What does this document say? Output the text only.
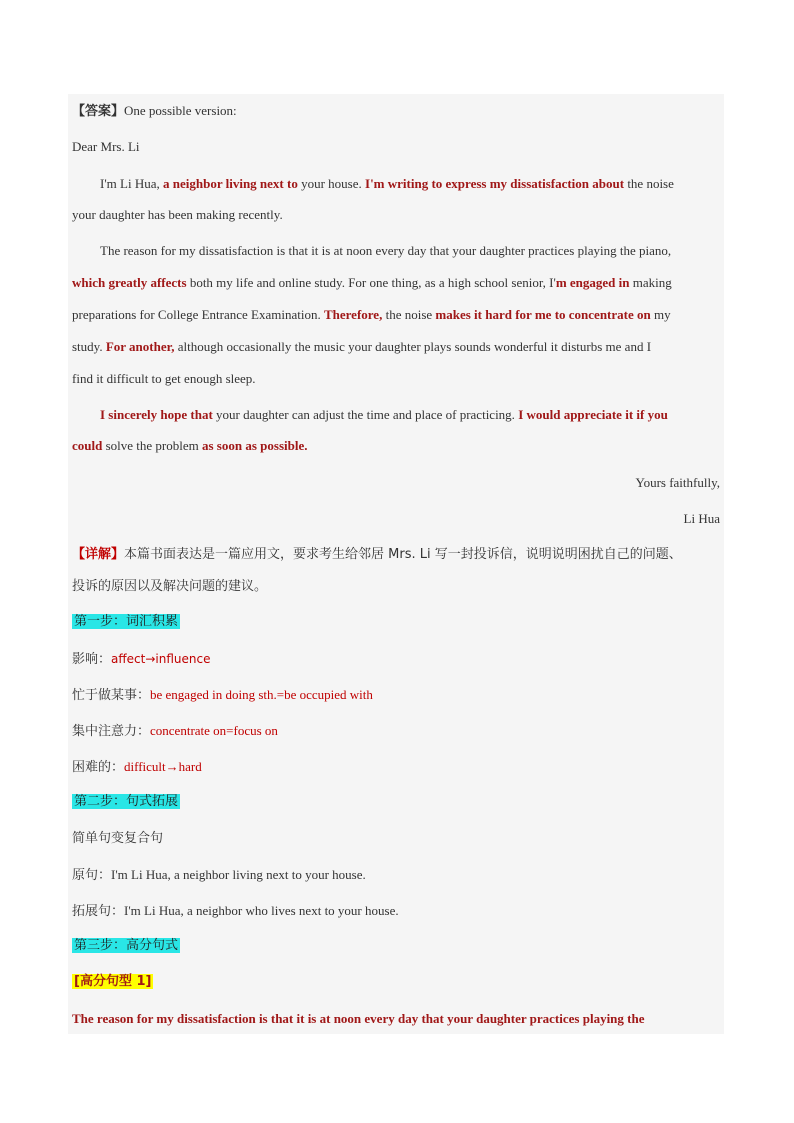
【答案】One possible version:
Dear Mrs. Li
I'm Li Hua, a neighbor living next to your house. I'm writing to express my dissatisfaction about the noise
your daughter has been making recently.
The reason for my dissatisfaction is that it is at noon every day that your daughter practices playing the piano,
which greatly affects both my life and online study. For one thing, as a high school senior, I'm engaged in making
preparations for College Entrance Examination. Therefore, the noise makes it hard for me to concentrate on my
study. For another, although occasionally the music your daughter plays sounds wonderful it disturbs me and I
find it difficult to get enough sleep.
I sincerely hope that your daughter can adjust the time and place of practicing. I would appreciate it if you
could solve the problem as soon as possible.
Yours faithfully,
Li Hua
【详解】本篇书面表达是一篇应用文，要求考生给邻居 Mrs. Li 写一封投诉信，说明说明困扰自己的问题、
投诉的原因以及解决问题的建议。
第一步：词汇积累
影响：affect→influence
忙于做某事：be engaged in doing sth.=be occupied with
集中注意力：concentrate on=focus on
困难的：difficult→hard
第二步：句式拓展
简单句变复合句
原句：I'm Li Hua, a neighbor living next to your house.
拓展句：I'm Li Hua, a neighbor who lives next to your house.
第三步：高分句式
[高分句型 1]
The reason for my dissatisfaction is that it is at noon every day that your daughter practices playing the
